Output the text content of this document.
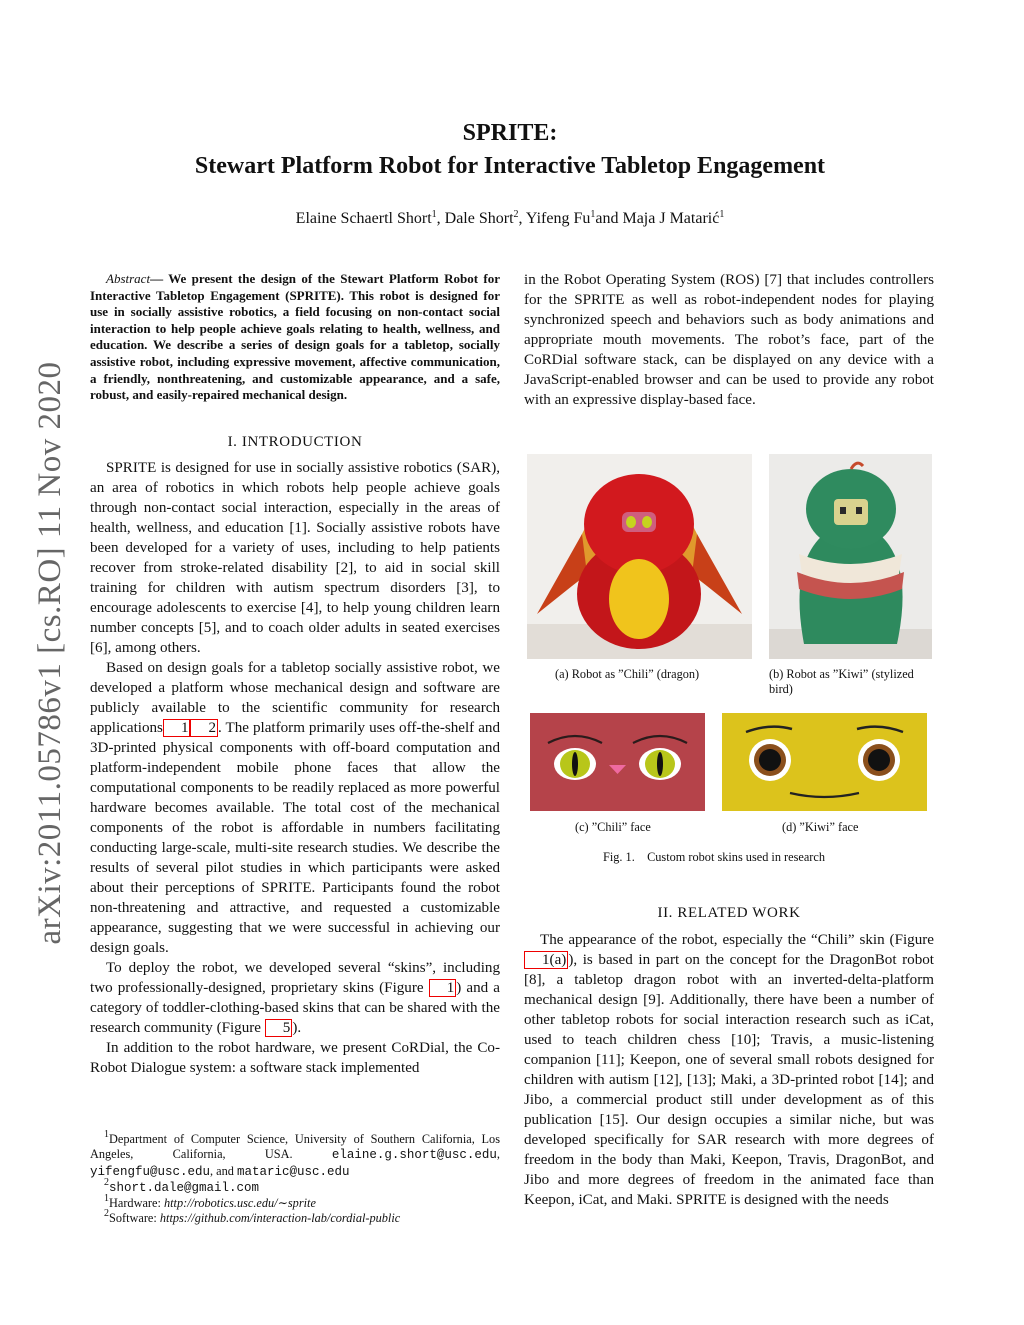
arXiv:2011.05786v1 [cs.RO] 11 Nov 2020
SPRITE:
Stewart Platform Robot for Interactive Tabletop Engagement
Elaine Schaertl Short$^1$, Dale Short$^2$, Yifeng Fu$^1$and Maja J Matarić$^1$
Abstract— We present the design of the Stewart Platform Robot for Interactive Tabletop Engagement (SPRITE). This robot is designed for use in socially assistive robotics, a field focusing on non-contact social interaction to help people achieve goals relating to health, wellness, and education. We describe a series of design goals for a tabletop, socially assistive robot, including expressive movement, affective communication, a friendly, nonthreatening, and customizable appearance, and a safe, robust, and easily-repaired mechanical design.
I. INTRODUCTION

SPRITE is designed for use in socially assistive robotics (SAR), an area of robotics in which robots help people achieve goals through non-contact social interaction, especially in the areas of health, wellness, and education [1]. Socially assistive robots have been developed for a variety of uses, including to help patients recover from stroke-related disability [2], to aid in social skill training for children with autism spectrum disorders [3], to encourage adolescents to exercise [4], to help young children learn number concepts [5], and to coach older adults in seated exercises [6], among others.

Based on design goals for a tabletop socially assistive robot, we developed a platform whose mechanical design and software are publicly available to the scientific community for research applications 1 2 . The platform primarily uses off-the-shelf and 3D-printed physical components with off-board computation and platform-independent mobile phone faces that allow the computational components to be readily replaced as more powerful hardware becomes available. The total cost of the mechanical components of the robot is affordable in numbers facilitating conducting large-scale, multi-site research studies. We describe the results of several pilot studies in which participants were asked about their perceptions of SPRITE. Participants found the robot non-threatening and attractive, and requested a customizable appearance, suggesting that we were successful in achieving our design goals.

To deploy the robot, we developed several “skins”, including two professionally-designed, proprietary skins (Figure 1 ) and a category of toddler-clothing-based skins that can be shared with the research community (Figure 5 ).

In addition to the robot hardware, we present CoRDial, the Co-Robot Dialogue system: a software stack implemented

$^1$Department of Computer Science, University of Southern California, Los Angeles, California, USA. elaine.g.short@usc.edu, yifengfu@usc.edu, and mataric@usc.edu
$^2$short.dale@gmail.com
$^1$Hardware: http://robotics.usc.edu/∼sprite
$^2$Software: https://github.com/interaction-lab/cordial-public
in the Robot Operating System (ROS) [7] that includes controllers for the SPRITE as well as robot-independent nodes for playing synchronized speech and behaviors such as body animations and appropriate mouth movements. The robot’s face, part of the CoRDial software stack, can be displayed on any device with a JavaScript-enabled browser and can be used to provide any robot with an expressive display-based face.
(a) Robot as ”Chili” (dragon)	(b) Robot as ”Kiwi” (stylized bird)
(c) ”Chili” face	(d) ”Kiwi” face
Fig. 1.    Custom robot skins used in research
II. RELATED WORK

The appearance of the robot, especially the “Chili” skin (Figure 1(a) ), is based in part on the concept for the DragonBot robot [8], a tabletop dragon robot with an inverted-delta-platform mechanical design [9]. Additionally, there have been a number of other tabletop robots for social interaction research such as iCat, used to teach children chess [10]; Travis, a music-listening companion [11]; Keepon, one of several small robots designed for children with autism [12], [13]; Maki, a 3D-printed robot [14]; and Jibo, a commercial product still under development as of this publication [15]. Our design occupies a similar niche, but was developed specifically for SAR research with more degrees of freedom in the body than Maki, Keepon, Travis, DragonBot, and Jibo and more degrees of freedom in the animated face than Keepon, iCat, and Maki. SPRITE is designed with the needs
